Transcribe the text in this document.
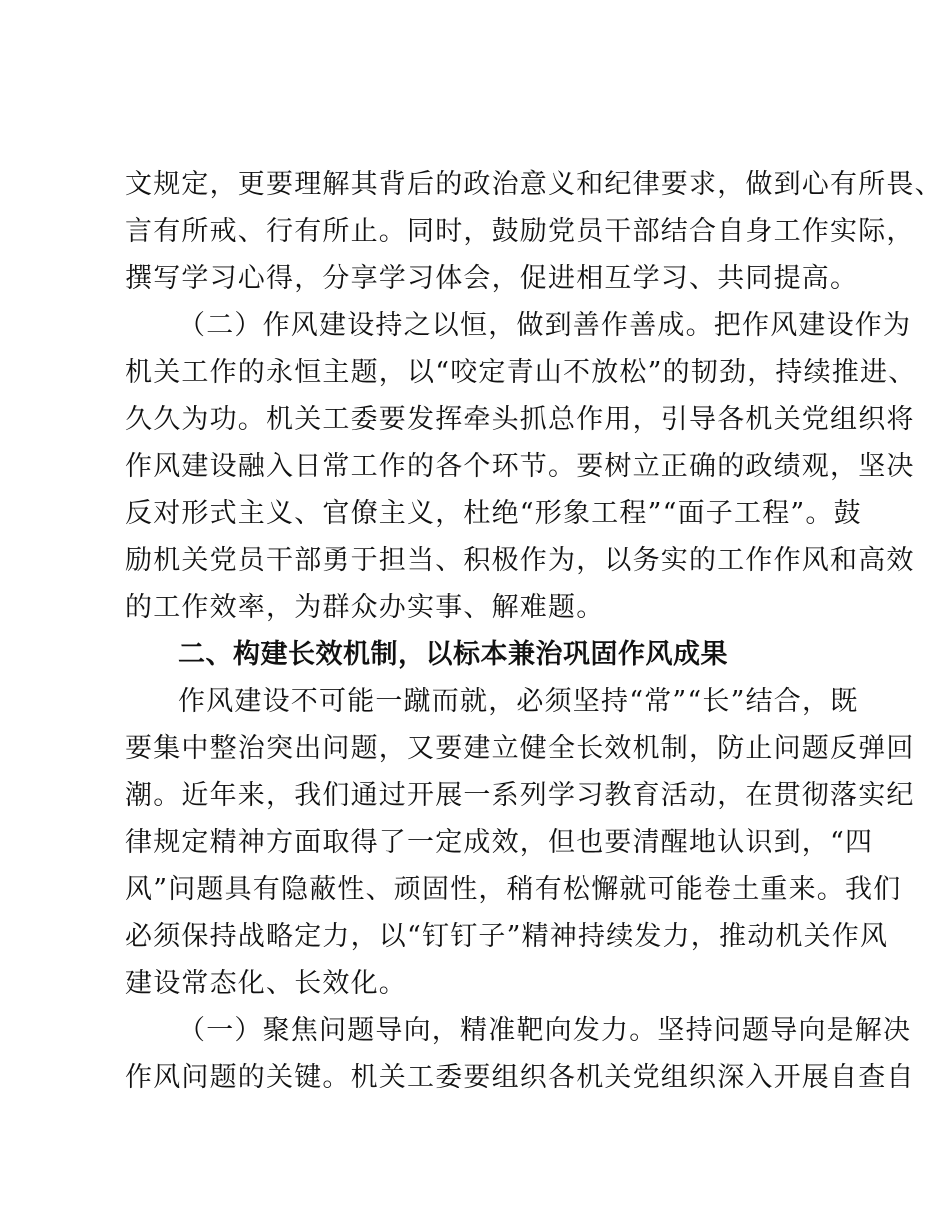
文规定，更要理解其背后的政治意义和纪律要求，做到心有所畏、
言有所戒、行有所止。同时，鼓励党员干部结合自身工作实际，
撰写学习心得，分享学习体会，促进相互学习、共同提高。
（二）作风建设持之以恒，做到善作善成。把作风建设作为
机关工作的永恒主题，以“咬定青山不放松”的韧劲，持续推进、
久久为功。机关工委要发挥牵头抓总作用，引导各机关党组织将
作风建设融入日常工作的各个环节。要树立正确的政绩观，坚决
反对形式主义、官僚主义，杜绝“形象工程”“面子工程”。鼓
励机关党员干部勇于担当、积极作为，以务实的工作作风和高效
的工作效率，为群众办实事、解难题。
二、构建长效机制，以标本兼治巩固作风成果
作风建设不可能一蹴而就，必须坚持“常”“长”结合，既
要集中整治突出问题，又要建立健全长效机制，防止问题反弹回
潮。近年来，我们通过开展一系列学习教育活动，在贯彻落实纪
律规定精神方面取得了一定成效，但也要清醒地认识到，“四
风”问题具有隐蔽性、顽固性，稍有松懈就可能卷土重来。我们
必须保持战略定力，以“钉钉子”精神持续发力，推动机关作风
建设常态化、长效化。
（一）聚焦问题导向，精准靶向发力。坚持问题导向是解决
作风问题的关键。机关工委要组织各机关党组织深入开展自查自
